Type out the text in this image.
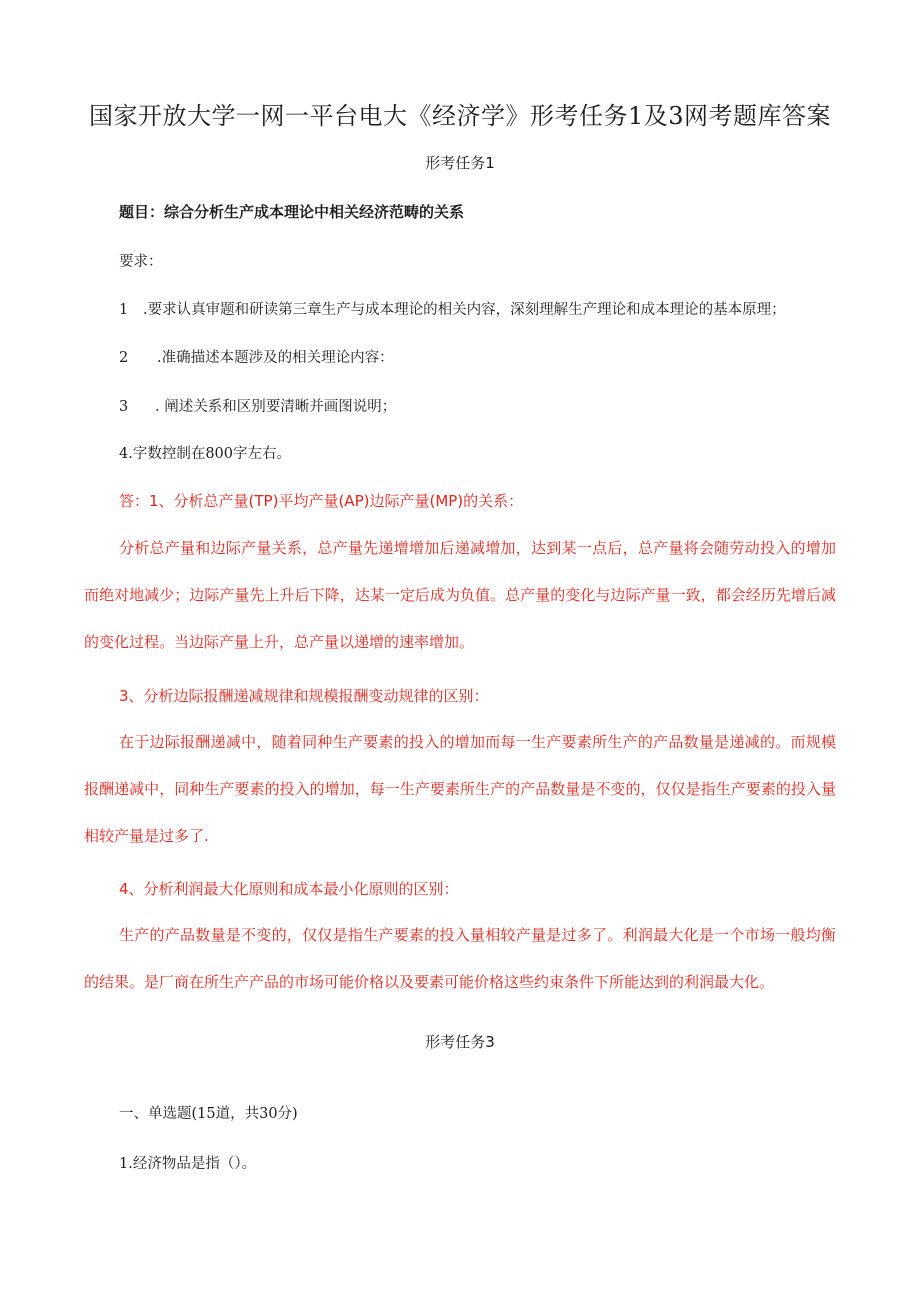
国家开放大学一网一平台电大《经济学》形考任务1及3网考题库答案
形考任务1
题目：综合分析生产成本理论中相关经济范畴的关系
要求：
1 .要求认真审题和研读第三章生产与成本理论的相关内容，深刻理解生产理论和成本理论的基本原理；
2 .准确描述本题涉及的相关理论内容：
3 . 阐述关系和区别要清晰并画图说明；
4.字数控制在800字左右。
答：1、分析总产量(TP)平均产量(AP)边际产量(MP)的关系：

分析总产量和边际产量关系，总产量先递增增加后递减增加，达到某一点后，总产量将会随劳动投入的增加而绝对地减少；边际产量先上升后下降，达某一定后成为负值。总产量的变化与边际产量一致，都会经历先增后减的变化过程。当边际产量上升，总产量以递增的速率增加。

3、分析边际报酬递减规律和规模报酬变动规律的区别：

在于边际报酬递减中，随着同种生产要素的投入的增加而每一生产要素所生产的产品数量是递减的。而规模报酬递减中，同种生产要素的投入的增加，每一生产要素所生产的产品数量是不变的，仅仅是指生产要素的投入量相较产量是过多了.

4、分析利润最大化原则和成本最小化原则的区别：

生产的产品数量是不变的，仅仅是指生产要素的投入量相较产量是过多了。利润最大化是一个市场一般均衡的结果。是厂商在所生产产品的市场可能价格以及要素可能价格这些约束条件下所能达到的利润最大化。

形考任务3
一、单选题(15道，共30分)
1.经济物品是指（）。
